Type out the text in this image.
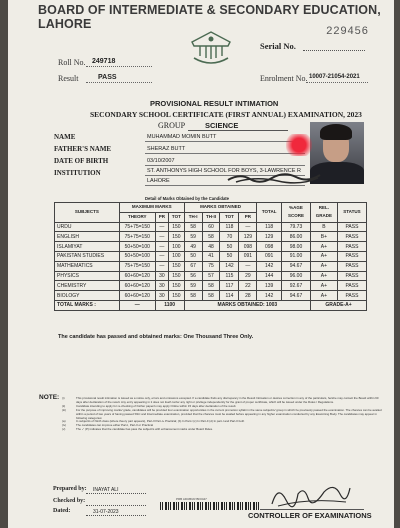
BOARD OF INTERMEDIATE & SECONDARY EDUCATION, LAHORE
229456
Serial No.
Roll No. 249718
Result	PASS	Enrolment No. 10007-21054-2021
PROVISIONAL RESULT INTIMATION
SECONDARY SCHOOL CERTIFICATE (FIRST ANNUAL) EXAMINATION, 2023
GROUP	SCIENCE
NAME	MUHAMMAD MOMIN BUTT
FATHER'S NAME	SHERAZ BUTT
DATE OF BIRTH	03/10/2007
INSTITUTION	ST. ANTHONYS HIGH SCHOOL FOR BOYS, 3-LAWRENCE R
LAHORE
Detail of Marks Obtained by the Candidate
SUBJECTS	MAXIMUM MARKS			MARKS OBTAINED				TOTAL	%AGE SCORE	REL. GRADE	STATUS
	THEORY	PR	TOT	TH-I	TH-II	TOT	PR				
URDU	75+75=150	—	150	58	60	118	—	118	79.73	B	PASS
ENGLISH	75+75=150	—	150	59	58	70	129	129	86.00	B+	PASS
ISLAMIYAT	50+50=100	—	100	49	48	50	098	098	98.00	A+	PASS
PAKISTAN STUDIES	50+50=100	—	100	50	41	50	091	091	91.00	A+	PASS
MATHEMATICS	75+75=150	—	150	67	75	142	—	142	94.67	A+	PASS
PHYSICS	60+60=120	30	150	56	57	115	29	144	96.00	A+	PASS
CHEMISTRY	60+60=120	30	150	59	58	117	22	139	92.67	A+	PASS
BIOLOGY	60+60=120	30	150	58	58	114	28	142	94.67	A+	PASS
TOTAL MARKS :	—	1100		MARKS OBTAINED: 1003						GRADE-A+	
The candidate has passed and obtained marks: One Thousand Three Only.
NOTE: (i)	This provisional result intimation is issued as a notice only, errors and omissions excepted. If a candidate finds any discrepancy in the Result Intimation or desires correction in any of the particulars, he/she may contact the Board within 60 days after declaration of the result. Any entry appearing in it does not itself confer any right or privilege independently for the grant of proper certificate, which will be issued under the Rules / Regulations.
(ii)	Candidate intending to apply for re-checking of his/her paper/s may apply Online within 15 days after declaration of the result.
(iii)	For the purpose of improving marks/ grade, candidates will be provided four examination opportunities in the current promotion syllabi in the same subject/s/ group in which he previously passed the examination. The chances can be availed within a period of two years of having passed SSC and Intermediate examination, provided that the chances must be availed before appearing in any higher examination conducted by any Examining Body. The candidates may appear in following categories:
(a)	In subject/s of Ninth class (where theory part appears), Part-II Part-I+ Practical; (b) In Part-I (c) In Part-II (d) In part-I and Part-II both
(iv)	The candidates can improve either Part-I, Part-II or Practical
(v)	The ✓ (P) indicates that the candidate has pass the subject/s with enhancement marks under Board Rules.
Prepared by: INAYAT ALI
Checked by:
Dated:	31-07-2023
PRB ADUBUR BF0447
CONTROLLER OF EXAMINATIONS
